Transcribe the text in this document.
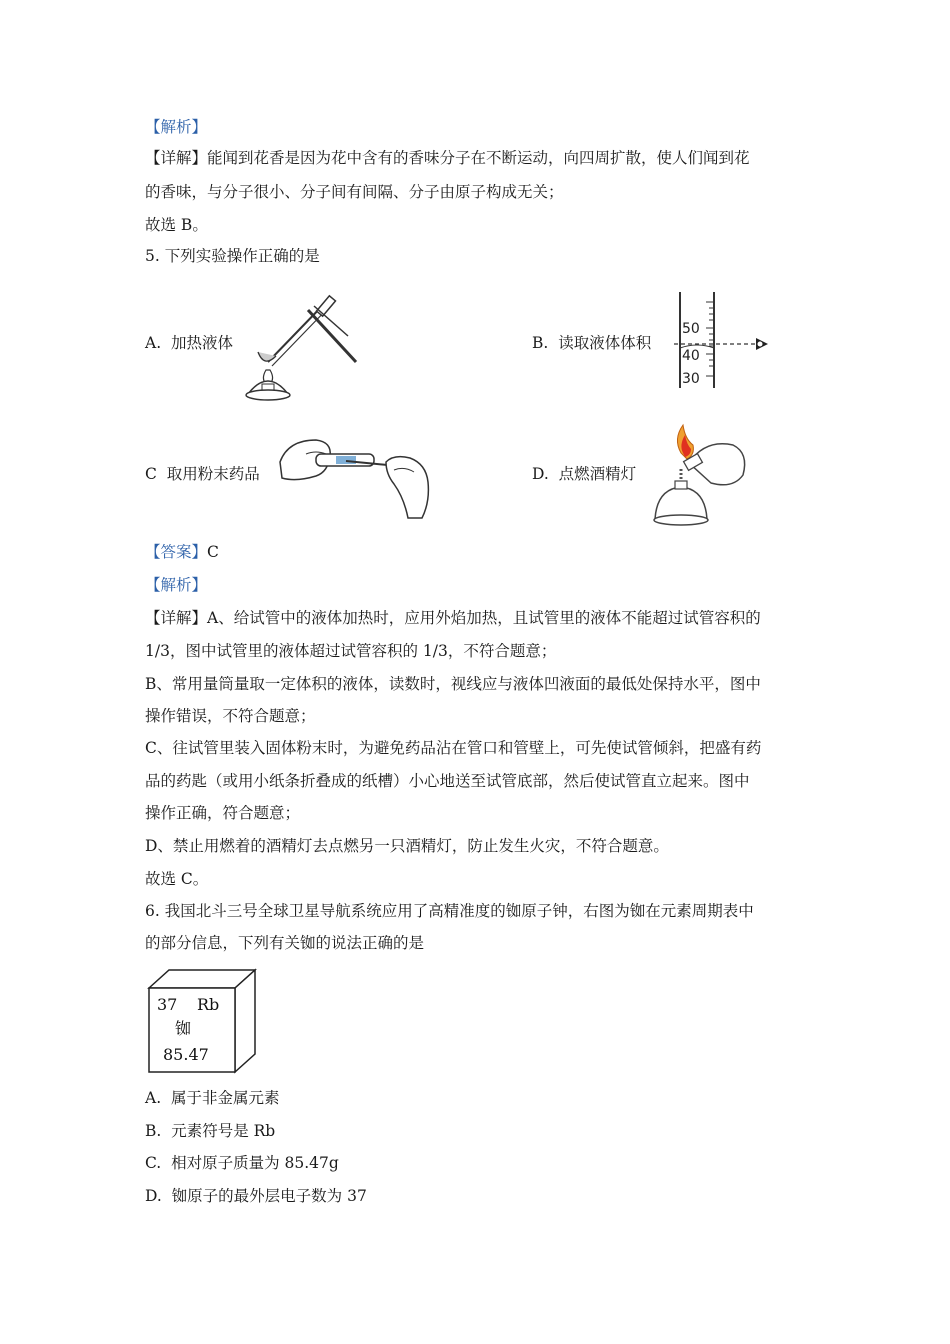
【解析】
【详解】能闻到花香是因为花中含有的香味分子在不断运动，向四周扩散，使人们闻到花
的香味，与分子很小、分子间有间隔、分子由原子构成无关；
故选 B。
5. 下列实验操作正确的是
A. 加热液体	B. 读取液体体积
50
40
30
C 取用粉末药品	D. 点燃酒精灯
【答案】C
【解析】
【详解】A、给试管中的液体加热时，应用外焰加热，且试管里的液体不能超过试管容积的
1/3，图中试管里的液体超过试管容积的 1/3，不符合题意；
B、常用量筒量取一定体积的液体，读数时，视线应与液体凹液面的最低处保持水平，图中
操作错误，不符合题意；
C、往试管里装入固体粉末时，为避免药品沾在管口和管壁上，可先使试管倾斜，把盛有药
品的药匙（或用小纸条折叠成的纸槽）小心地送至试管底部，然后使试管直立起来。图中
操作正确，符合题意；
D、禁止用燃着的酒精灯去点燃另一只酒精灯，防止发生火灾，不符合题意。
故选 C。
6. 我国北斗三号全球卫星导航系统应用了高精准度的铷原子钟，右图为铷在元素周期表中
的部分信息，下列有关铷的说法正确的是
37 Rb
铷
85.47
A. 属于非金属元素
B. 元素符号是 Rb
C. 相对原子质量为 85.47g
D. 铷原子的最外层电子数为 37
